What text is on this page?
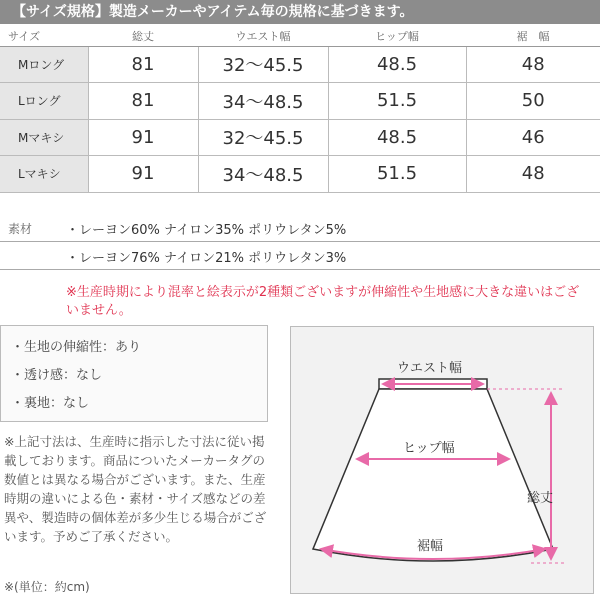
【サイズ規格】製造メーカーやアイテム毎の規格に基づきます。
サイズ	総丈	ウエスト幅	ヒップ幅	裾　幅
Mロング	81	32〜45.5	48.5	48
Lロング	81	34〜48.5	51.5	50
Mマキシ	91	32〜45.5	48.5	46
Lマキシ	91	34〜48.5	51.5	48
素材	・レーヨン60% ナイロン35% ポリウレタン5%
・レーヨン76% ナイロン21% ポリウレタン3%
※生産時期により混率と絵表示が2種類ございますが伸縮性や生地感に大きな違いはございません。
・生地の伸縮性：あり
・透け感：なし
・裏地：なし
※上記寸法は、生産時に指示した寸法に従い掲載しております。商品についたメーカータグの数値とは異なる場合がございます。また、生産時期の違いによる色・素材・サイズ感などの差異や、製造時の個体差が多少生じる場合がございます。予めご了承ください。
※(単位：約cm)
ウエスト幅
ヒップ幅
総丈
裾幅
